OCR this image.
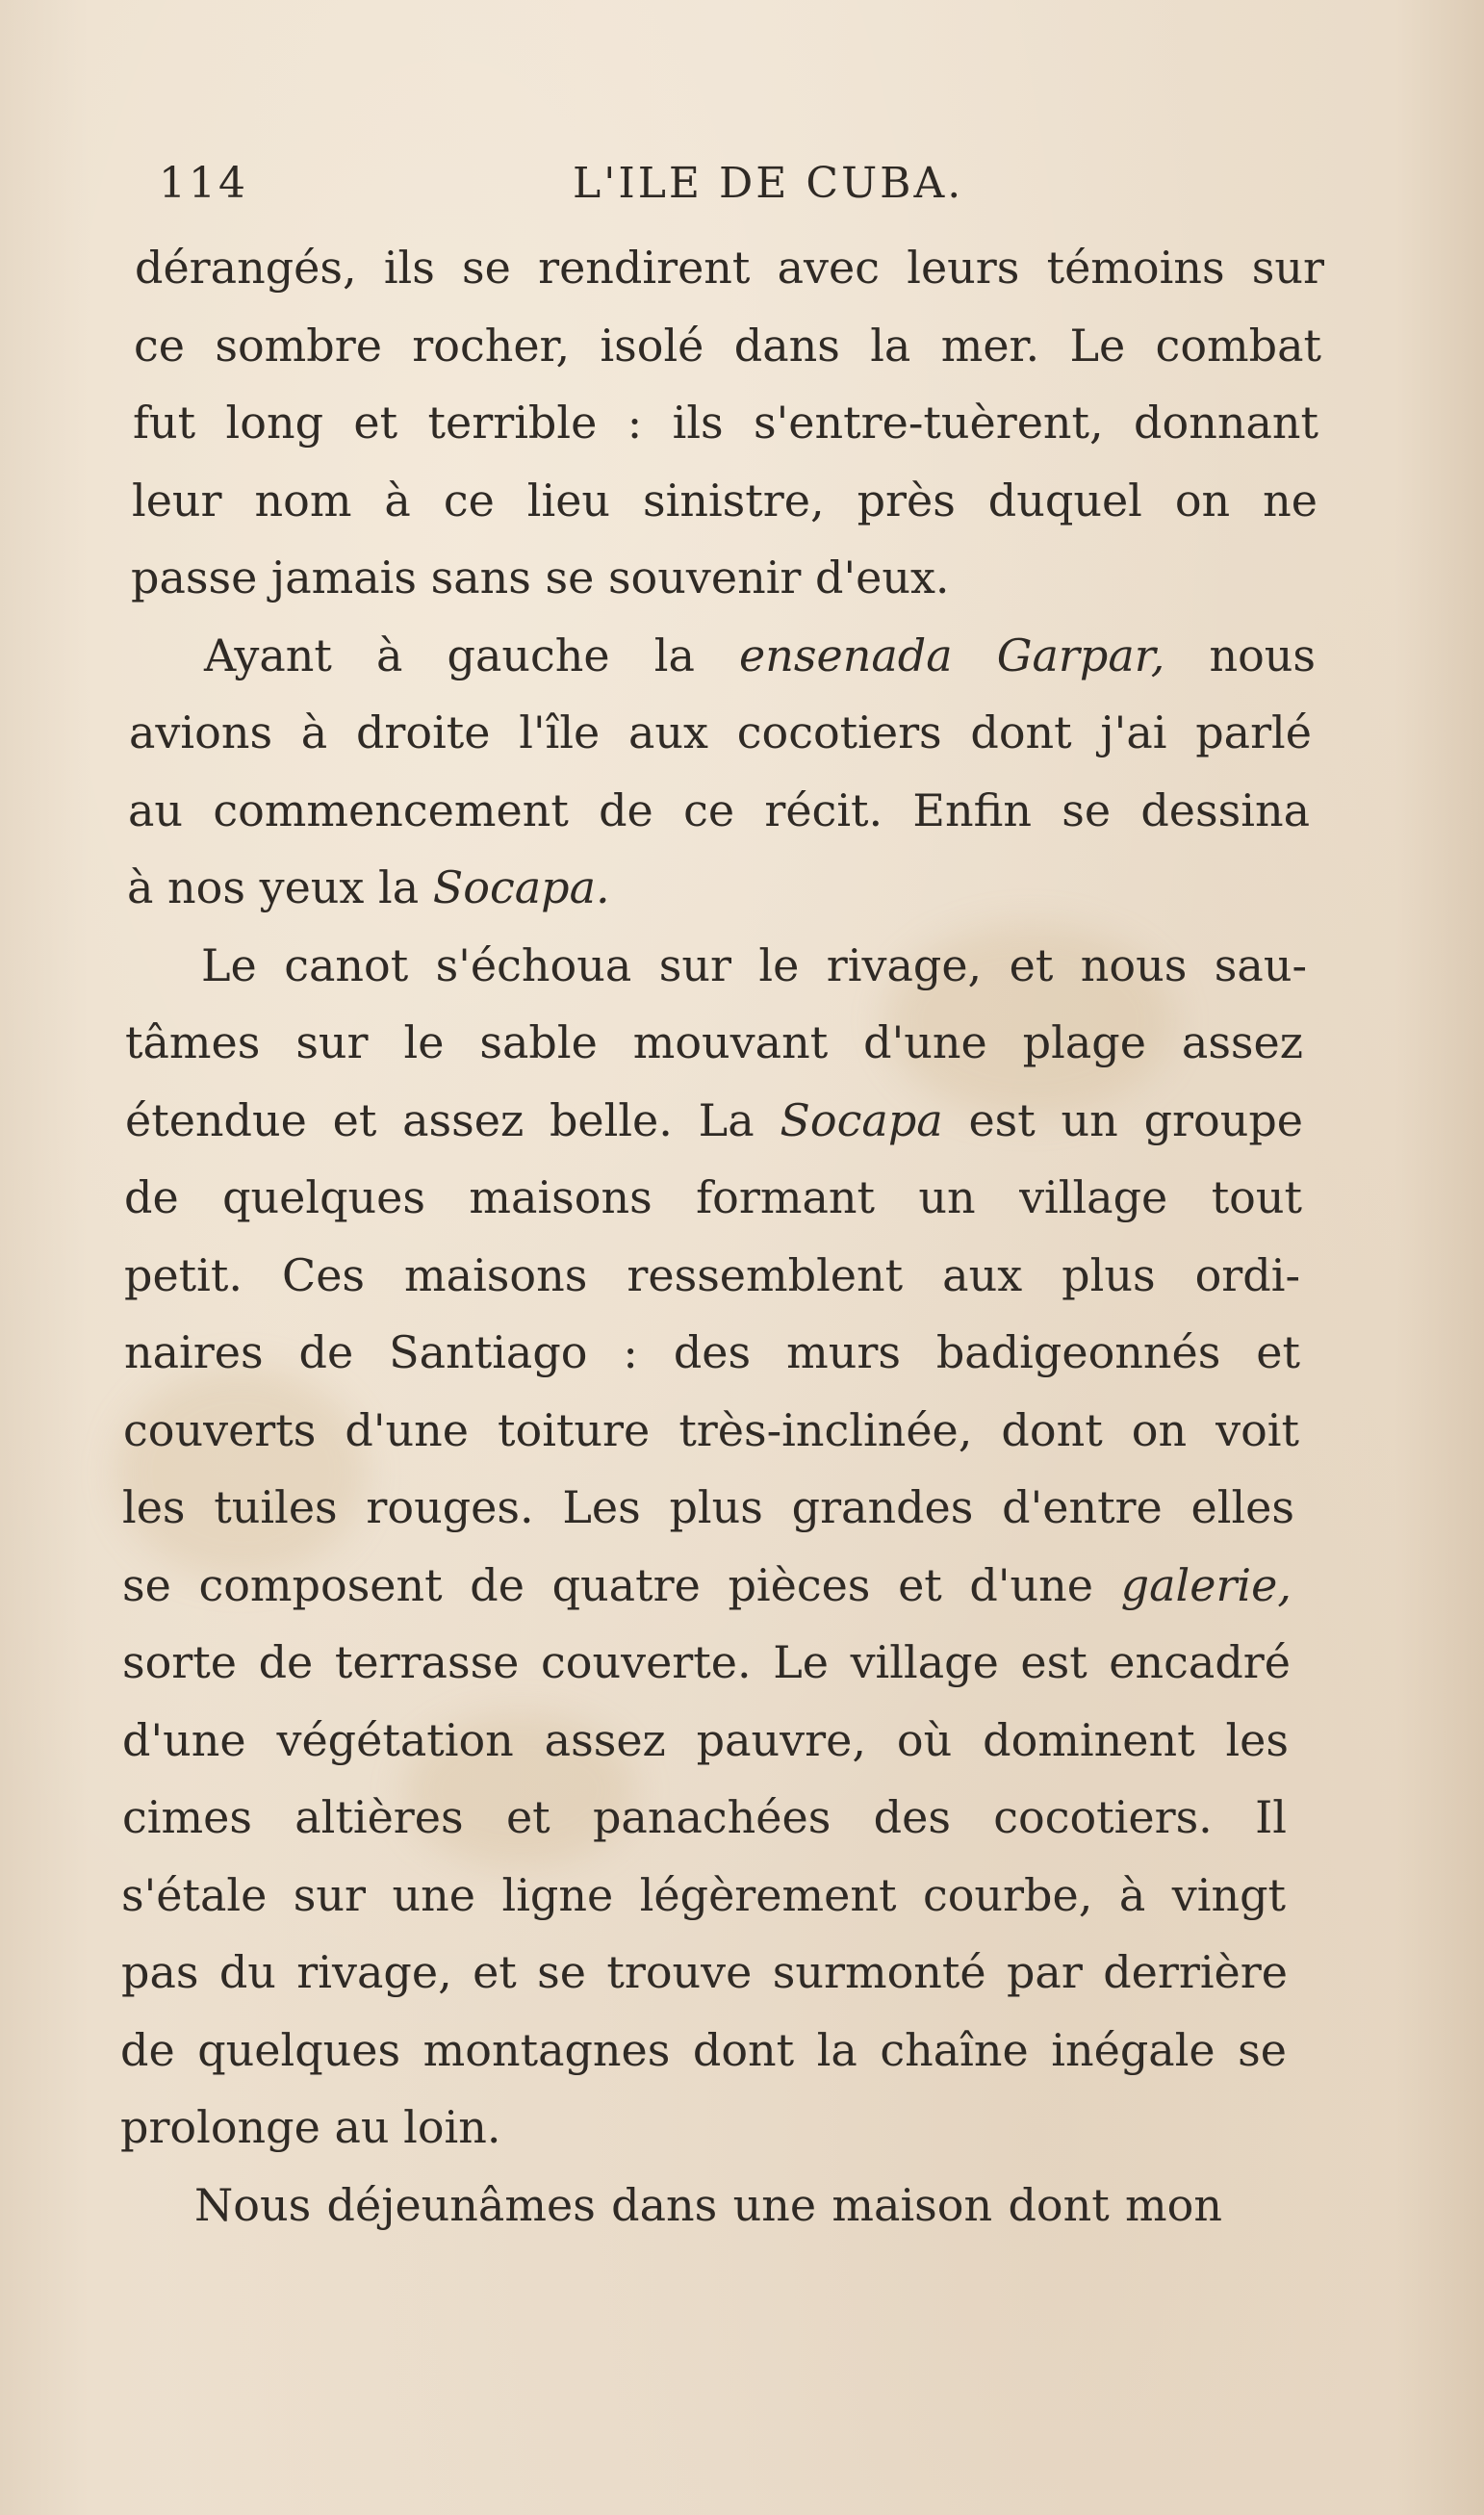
114	L'ILE DE CUBA.
dérangés, ils se rendirent avec leurs témoins sur
ce sombre rocher, isolé dans la mer. Le combat
fut long et terrible : ils s'entre-tuèrent, donnant
leur nom à ce lieu sinistre, près duquel on ne
passe jamais sans se souvenir d'eux.
Ayant à gauche la ensenada Garpar, nous
avions à droite l'île aux cocotiers dont j'ai parlé
au commencement de ce récit. Enfin se dessina
à nos yeux la Socapa.
Le canot s'échoua sur le rivage, et nous sau-
tâmes sur le sable mouvant d'une plage assez
étendue et assez belle. La Socapa est un groupe
de quelques maisons formant un village tout
petit. Ces maisons ressemblent aux plus ordi-
naires de Santiago : des murs badigeonnés et
couverts d'une toiture très-inclinée, dont on voit
les tuiles rouges. Les plus grandes d'entre elles
se composent de quatre pièces et d'une galerie,
sorte de terrasse couverte. Le village est encadré
d'une végétation assez pauvre, où dominent les
cimes altières et panachées des cocotiers. Il
s'étale sur une ligne légèrement courbe, à vingt
pas du rivage, et se trouve surmonté par derrière
de quelques montagnes dont la chaîne inégale se
prolonge au loin.
Nous déjeunâmes dans une maison dont mon
